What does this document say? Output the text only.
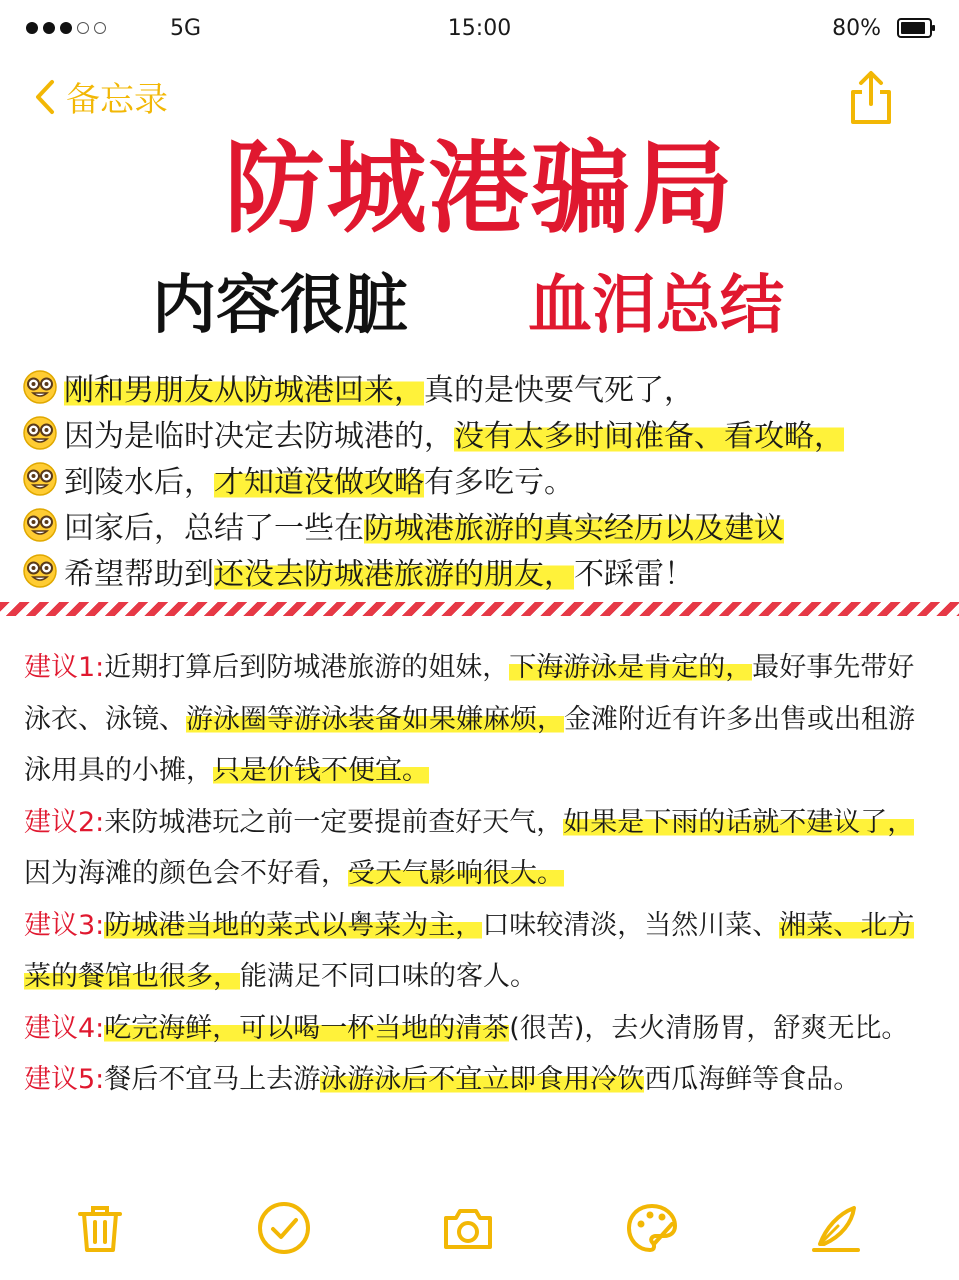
5G	15:00	80%
备忘录
防城港骗局
内容很脏 血泪总结
刚和男朋友从防城港回来， 真的是快要气死了，
因为是临时决定去防城港的， 没有太多时间准备、看攻略，
到陵水后， 才知道没做攻略 有多吃亏。
回家后，总结了一些在 防城港旅游的真实经历以及建议
希望帮助到 还没去防城港旅游的朋友， 不踩雷！

建议1:近期打算后到防城港旅游的姐妹，下海游泳是肯定的，最好事先带好泳衣、泳镜、游泳圈等游泳装备如果嫌麻烦，金滩附近有许多出售或出租游泳用具的小摊，只是价钱不便宜。

建议2:来防城港玩之前一定要提前查好天气，如果是下雨的话就不建议了，因为海滩的颜色会不好看，受天气影响很大。

建议3:防城港当地的菜式以粤菜为主，口味较清淡，当然川菜、湘菜、北方菜的餐馆也很多，能满足不同口味的客人。

建议4:吃完海鲜，可以喝一杯当地的清茶(很苦)，去火清肠胃，舒爽无比。

建议5:餐后不宜马上去游泳游泳后不宜立即食用冷饮西瓜海鲜等食品。
